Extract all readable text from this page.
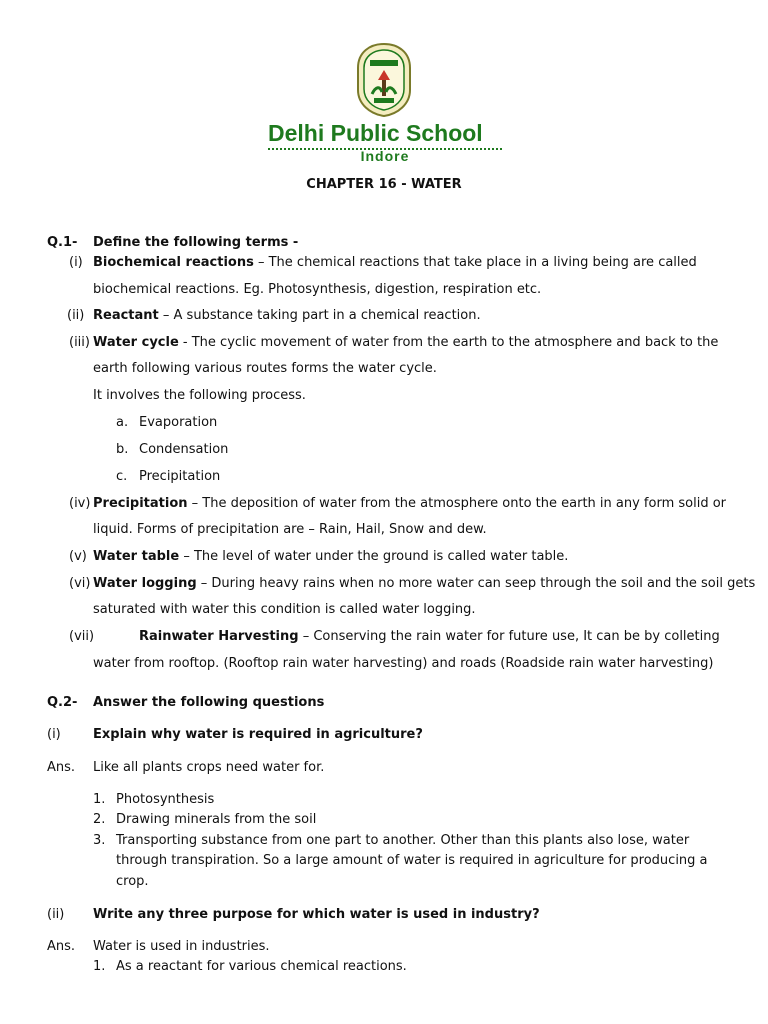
Delhi Public School
Indore
CHAPTER 16 - WATER
Q.1- Define the following terms -
(i) Biochemical reactions – The chemical reactions that take place in a living being are called
biochemical reactions. Eg. Photosynthesis, digestion, respiration etc.
(ii) Reactant – A substance taking part in a chemical reaction.
(iii) Water cycle - The cyclic movement of water from the earth to the atmosphere and back to the
earth following various routes forms the water cycle.
It involves the following process.
a. Evaporation
b. Condensation
c. Precipitation
(iv) Precipitation – The deposition of water from the atmosphere onto the earth in any form solid or
liquid. Forms of precipitation are – Rain, Hail, Snow and dew.
(v) Water table – The level of water under the ground is called water table.
(vi) Water logging – During heavy rains when no more water can seep through the soil and the soil gets
saturated with water this condition is called water logging.
(vii)	Rainwater Harvesting – Conserving the rain water for future use, It can be by colleting
water from rooftop. (Rooftop rain water harvesting) and roads (Roadside rain water harvesting)
Q.2- Answer the following questions
(i) Explain why water is required in agriculture?
Ans. Like all plants crops need water for.
1. Photosynthesis
2. Drawing minerals from the soil
3. Transporting substance from one part to another. Other than this plants also lose, water
through transpiration. So a large amount of water is required in agriculture for producing a
crop.
(ii) Write any three purpose for which water is used in industry?
Ans. Water is used in industries.
1. As a reactant for various chemical reactions.
